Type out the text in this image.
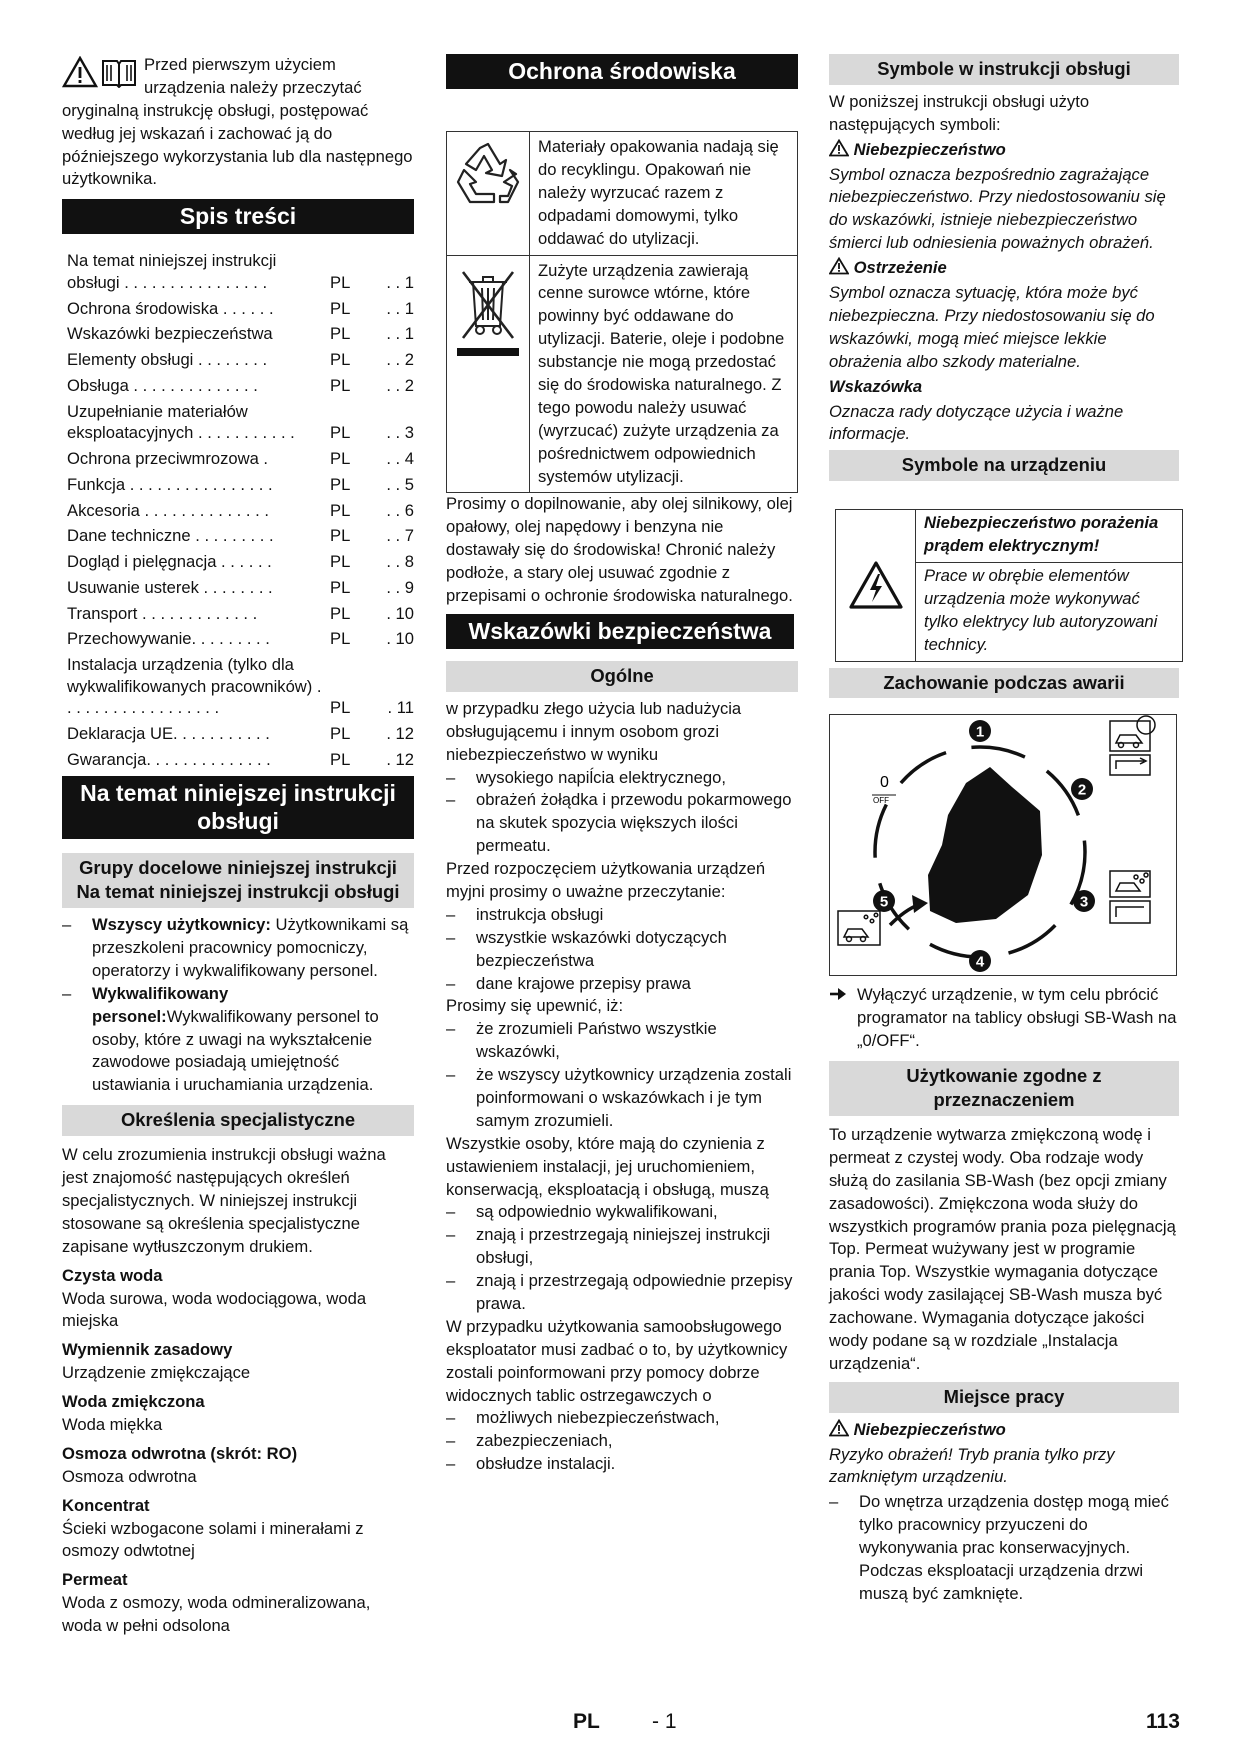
Przed pierwszym użyciem urządzenia należy przeczytać oryginalną instrukcję obsługi, postępować według jej wskazań i zachować ją do późniejszego wykorzystania lub dla następnego użytkownika.

Spis treści
Na temat niniejszej instrukcji obsługi . . . . . . . . . . . . . . . .	PL	. . 1
Ochrona środowiska . . . . . .	PL	. . 1
Wskazówki bezpieczeństwa	PL	. . 1
Elementy obsługi . . . . . . . .	PL	. . 2
Obsługa . . . . . . . . . . . . . .	PL	. . 2
Uzupełnianie materiałów eksploatacyjnych . . . . . . . . . . .	PL	. . 3
Ochrona przeciwmrozowa .	PL	. . 4
Funkcja . . . . . . . . . . . . . . . .	PL	. . 5
Akcesoria . . . . . . . . . . . . . .	PL	. . 6
Dane techniczne . . . . . . . . .	PL	. . 7
Dogląd i pielęgnacja . . . . . .	PL	. . 8
Usuwanie usterek . . . . . . . .	PL	. . 9
Transport . . . . . . . . . . . . .	PL	. 10
Przechowywanie. . . . . . . . .	PL	. 10
Instalacja urządzenia (tylko dla wykwalifikowanych pracowników) . . . . . . . . . . . . . . . . . .	PL	. 11
Deklaracja UE. . . . . . . . . . .	PL	. 12
Gwarancja. . . . . . . . . . . . . .	PL	. 12
Na temat niniejszej instrukcji obsługi
Grupy docelowe niniejszej instrukcji Na temat niniejszej instrukcji obsługi
– Wszyscy użytkownicy: Użytkownikami są przeszkoleni pracownicy pomocniczy, operatorzy i wykwalifikowany personel.
– Wykwalifikowany personel:Wykwalifikowany personel to osoby, które z uwagi na wykształcenie zawodowe posiadają umiejętność ustawiania i uruchamiania urządzenia.
Określenia specjalistyczne

W celu zrozumienia instrukcji obsługi ważna jest znajomość następujących określeń specjalistycznych. W niniejszej instrukcji stosowane są określenia specjalistyczne zapisane wytłuszczonym drukiem.

Czysta woda

Woda surowa, woda wodociągowa, woda miejska

Wymiennik zasadowy

Urządzenie zmiękczające

Woda zmiękczona

Woda miękka

Osmoza odwrotna (skrót: RO)

Osmoza odwrotna

Koncentrat

Ścieki wzbogacone solami i minerałami z osmozy odwtotnej

Permeat

Woda z osmozy, woda odmineralizowana, woda w pełni odsolona

Ochrona środowiska
	Materiały opakowania nadają się do recyklingu. Opakowań nie należy wyrzucać razem z odpadami domowymi, tylko oddawać do utylizacji.
	Zużyte urządzenia zawierają cenne surowce wtórne, które powinny być oddawane do utylizacji. Baterie, oleje i podobne substancje nie mogą przedostać się do środowiska naturalnego. Z tego powodu należy usuwać (wyrzucać) zużyte urządzenia za pośrednictwem odpowiednich systemów utylizacji.

Prosimy o dopilnowanie, aby olej silnikowy, olej opałowy, olej napędowy i benzyna nie dostawały się do środowiska! Chronić należy podłoże, a stary olej usuwać zgodnie z przepisami o ochronie środowiska naturalnego.

Wskazówki bezpieczeństwa
Ogólne

w przypadku złego użycia lub nadużycia obsługującemu i innym osobom grozi niebezpieczeństwo w wyniku

– wysokiego napiĺcia elektrycznego,
– obrażeń żołądka i przewodu pokarmowego na skutek spozycia większych ilości permeatu.

Przed rozpoczęciem użytkowania urządzeń myjni prosimy o uważne przeczytanie:

– instrukcja obsługi
– wszystkie wskazówki dotyczących bezpieczeństwa
– dane krajowe przepisy prawa

Prosimy się upewnić, iż:

– że zrozumieli Państwo wszystkie wskazówki,
– że wszyscy użytkownicy urządzenia zostali poinformowani o wskazówkach i je tym samym zrozumieli.

Wszystkie osoby, które mają do czynienia z ustawieniem instalacji, jej uruchomieniem, konserwacją, eksploatacją i obsługą, muszą

– są odpowiednio wykwalifikowani,
– znają i przestrzegają niniejszej instrukcji obsługi,
– znają i przestrzegają odpowiednie przepisy prawa.

W przypadku użytkowania samoobsługowego eksploatator musi zadbać o to, by użytkownicy zostali poinformowani przy pomocy dobrze widocznych tablic ostrzegawczych o

– możliwych niebezpieczeństwach,
– zabezpieczeniach,
– obsłudze instalacji.
Symbole w instrukcji obsługi

W poniższej instrukcji obsługi użyto następujących symboli:

Niebezpieczeństwo

Symbol oznacza bezpośrednio zagrażające niebezpieczeństwo. Przy niedostosowaniu się do wskazówki, istnieje niebezpieczeństwo śmierci lub odniesienia poważnych obrażeń.

Ostrzeżenie

Symbol oznacza sytuację, która może być niebezpieczna. Przy niedostosowaniu się do wskazówki, mogą mieć miejsce lekkie obrażenia albo szkody materialne.

Wskazówka

Oznacza rady dotyczące użycia i ważne informacje.

Symbole na urządzeniu
Niebezpieczeństwo porażenia prądem elektrycznym!
Prace w obrębie elementów urządzenia może wykonywać tylko elektrycy lub autoryzowani technicy.
Zachowanie podczas awarii
0
OFF
1
2
3
4
5

Wyłączyć urządzenie, w tym celu pbrócić programator na tablicy obsługi SB-Wash na „0/OFF“.

Użytkowanie zgodne z przeznaczeniem

To urządzenie wytwarza zmiękczoną wodę i permeat z czystej wody. Oba rodzaje wody służą do zasilania SB-Wash (bez opcji zmiany zasadowości). Zmiękczona woda służy do wszystkich programów prania poza pielęgnacją Top. Permeat wużywany jest w programie prania Top. Wszystkie wymagania dotyczące jakości wody zasilającej SB-Wash musza być zachowane. Wymagania dotyczące jakości wody podane są w rozdziale „Instalacja urządzenia“.

Miejsce pracy

Niebezpieczeństwo

Ryzyko obrażeń! Tryb prania tylko przy zamkniętym urządzeniu.

– Do wnętrza urządzenia dostęp mogą mieć tylko pracownicy przyuczeni do wykonywania prac konserwacyjnych. Podczas eksploatacji urządzenia drzwi muszą być zamknięte.
PL - 1	113
